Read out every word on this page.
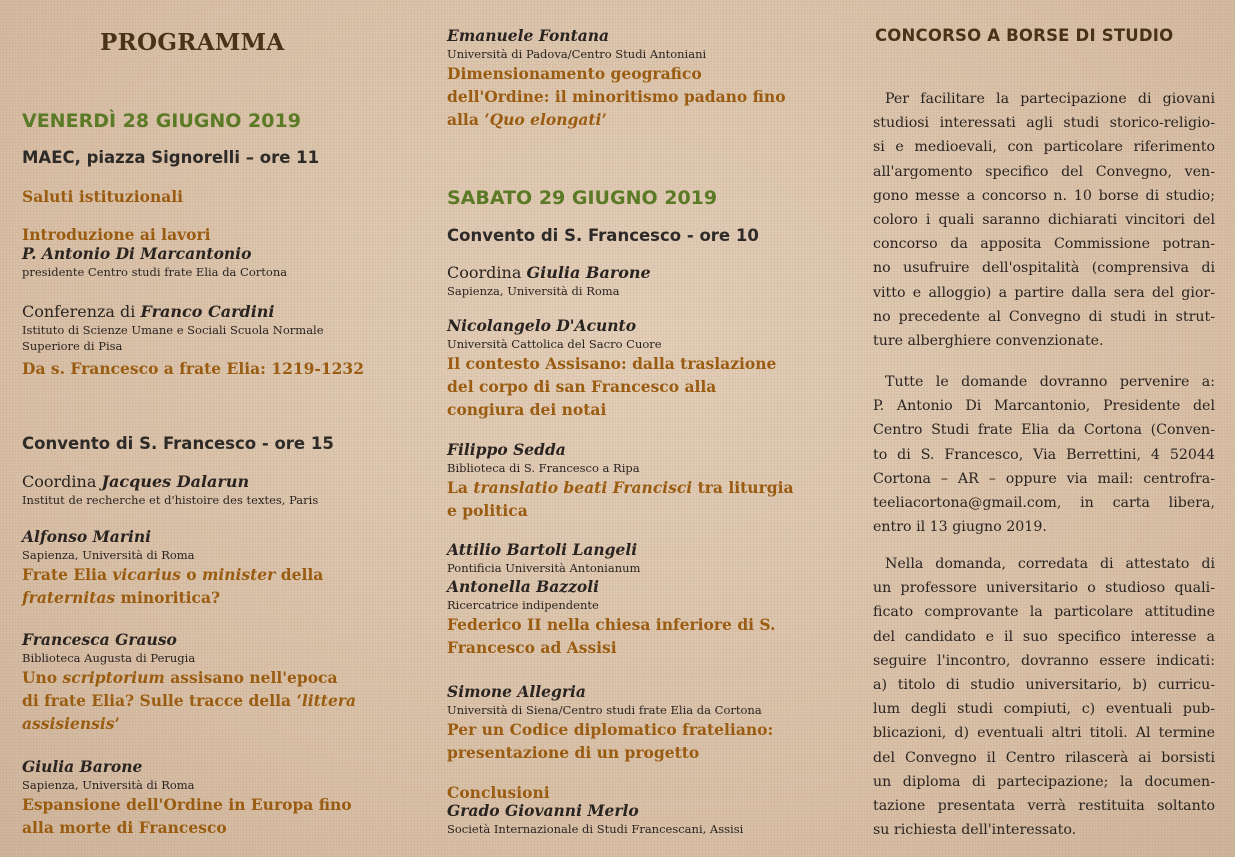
PROGRAMMA
VENERDÌ 28 GIUGNO 2019
MAEC, piazza Signorelli – ore 11
Saluti istituzionali
Introduzione ai lavori
P. Antonio Di Marcantonio
presidente Centro studi frate Elia da Cortona
Conferenza di Franco Cardini
Istituto di Scienze Umane e Sociali Scuola Normale
Superiore di Pisa
Da s. Francesco a frate Elia: 1219-1232
Convento di S. Francesco - ore 15
Coordina Jacques Dalarun
Institut de recherche et d'histoire des textes, Paris
Alfonso Marini
Sapienza, Università di Roma
Frate Elia vicarius o minister della
fraternitas minoritica?
Francesca Grauso
Biblioteca Augusta di Perugia
Uno scriptorium assisano nell'epoca
di frate Elia? Sulle tracce della ‘littera
assisiensis’
Giulia Barone
Sapienza, Università di Roma
Espansione dell'Ordine in Europa fino
alla morte di Francesco
Emanuele Fontana
Università di Padova/Centro Studi Antoniani
Dimensionamento geografico
dell'Ordine: il minoritismo padano fino
alla ‘Quo elongati’
SABATO 29 GIUGNO 2019
Convento di S. Francesco - ore 10
Coordina Giulia Barone
Sapienza, Università di Roma
Nicolangelo D'Acunto
Università Cattolica del Sacro Cuore
Il contesto Assisano: dalla traslazione
del corpo di san Francesco alla
congiura dei notai
Filippo Sedda
Biblioteca di S. Francesco a Ripa
La translatio beati Francisci tra liturgia
e politica
Attilio Bartoli Langeli
Pontificia Università Antonianum
Antonella Bazzoli
Ricercatrice indipendente
Federico II nella chiesa inferiore di S.
Francesco ad Assisi
Simone Allegria
Università di Siena/Centro studi frate Elia da Cortona
Per un Codice diplomatico frateliano:
presentazione di un progetto
Conclusioni
Grado Giovanni Merlo
Società Internazionale di Studi Francescani, Assisi
CONCORSO A BORSE DI STUDIO
Per facilitare la partecipazione di giovani
studiosi interessati agli studi storico-religio-
si e medioevali, con particolare riferimento
all'argomento specifico del Convegno, ven-
gono messe a concorso n. 10 borse di studio;
coloro i quali saranno dichiarati vincitori del
concorso da apposita Commissione potran-
no usufruire dell'ospitalità (comprensiva di
vitto e alloggio) a partire dalla sera del gior-
no precedente al Convegno di studi in strut-
ture alberghiere convenzionate.
Tutte le domande dovranno pervenire a:
P. Antonio Di Marcantonio, Presidente del
Centro Studi frate Elia da Cortona (Conven-
to di S. Francesco, Via Berrettini, 4 52044
Cortona – AR – oppure via mail: centrofra-
teeliacortona@gmail.com, in carta libera,
entro il 13 giugno 2019.
Nella domanda, corredata di attestato di
un professore universitario o studioso quali-
ficato comprovante la particolare attitudine
del candidato e il suo specifico interesse a
seguire l'incontro, dovranno essere indicati:
a) titolo di studio universitario, b) curricu-
lum degli studi compiuti, c) eventuali pub-
blicazioni, d) eventuali altri titoli. Al termine
del Convegno il Centro rilascerà ai borsisti
un diploma di partecipazione; la documen-
tazione presentata verrà restituita soltanto
su richiesta dell'interessato.
